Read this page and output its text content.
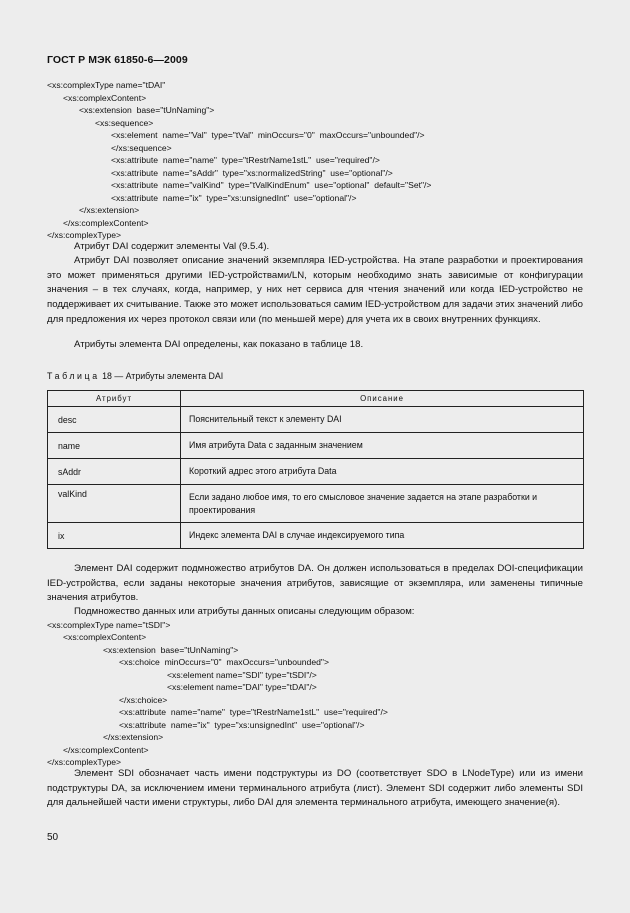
ГОСТ Р МЭК 61850-6—2009
<xs:complexType name="tDAI"
<xs:complexContent>
<xs:extension  base="tUnNaming">
<xs:sequence>
<xs:element  name="Val"  type="tVal"  minOccurs="0"  maxOccurs="unbounded"/>
</xs:sequence>
<xs:attribute  name="name"  type="tRestrName1stL"  use="required"/>
<xs:attribute  name="sAddr"  type="xs:normalizedString"  use="optional"/>
<xs:attribute  name="valKind"  type="tValKindEnum"  use="optional"  default="Set"/>
<xs:attribute  name="ix"  type="xs:unsignedInt"  use="optional"/>
</xs:extension>
</xs:complexContent>
</xs:complexType>
Атрибут DAI содержит элементы Val (9.5.4).
Атрибут DAI позволяет описание значений экземпляра IED-устройства. На этапе разработки и проектирования это может применяться другими IED-устройствами/LN, которым необходимо знать зависимые от конфигурации значения – в тех случаях, когда, например, у них нет сервиса для чтения значений или когда IED-устройство не поддерживает их считывание. Также это может использоваться самим IED-устройством для задачи этих значений либо для предложения их через протокол связи или (по меньшей мере) для учета их в своих внутренних функциях.
Атрибуты элемента DAI определены, как показано в таблице 18.
Таблица 18 — Атрибуты элемента DAI
Атрибут	Описание
desc	Пояснительный текст к элементу DAI
name	Имя атрибута Data с заданным значением
sAddr	Короткий адрес этого атрибута Data
valKind	Если задано любое имя, то его смысловое значение задается на этапе разработки и проектирования
ix	Индекс элемента DAI в случае индексируемого типа
Элемент DAI содержит подмножество атрибутов DA. Он должен использоваться в пределах DOI-спецификации IED-устройства, если заданы некоторые значения атрибутов, зависящие от экземпляра, или заменены типичные значения атрибутов.
Подмножество данных или атрибуты данных описаны следующим образом:
<xs:complexType name="tSDI">
<xs:complexContent>
<xs:extension  base="tUnNaming">
<xs:choice  minOccurs="0"  maxOccurs="unbounded">
<xs:element name="SDI" type="tSDI"/>
<xs:element name="DAI" type="tDAI"/>
</xs:choice>
<xs:attribute  name="name"  type="tRestrName1stL"  use="required"/>
<xs:attribute  name="ix"  type="xs:unsignedInt"  use="optional"/>
</xs:extension>
</xs:complexContent>
</xs:complexType>
Элемент SDI обозначает часть имени подструктуры из DO (соответствует SDO в LNodeType) или из имени подструктуры DA, за исключением имени терминального атрибута (лист). Элемент SDI содержит либо элементы SDI для дальнейшей части имени структуры, либо DAI для элемента терминального атрибута, имеющего значение(я).
50
